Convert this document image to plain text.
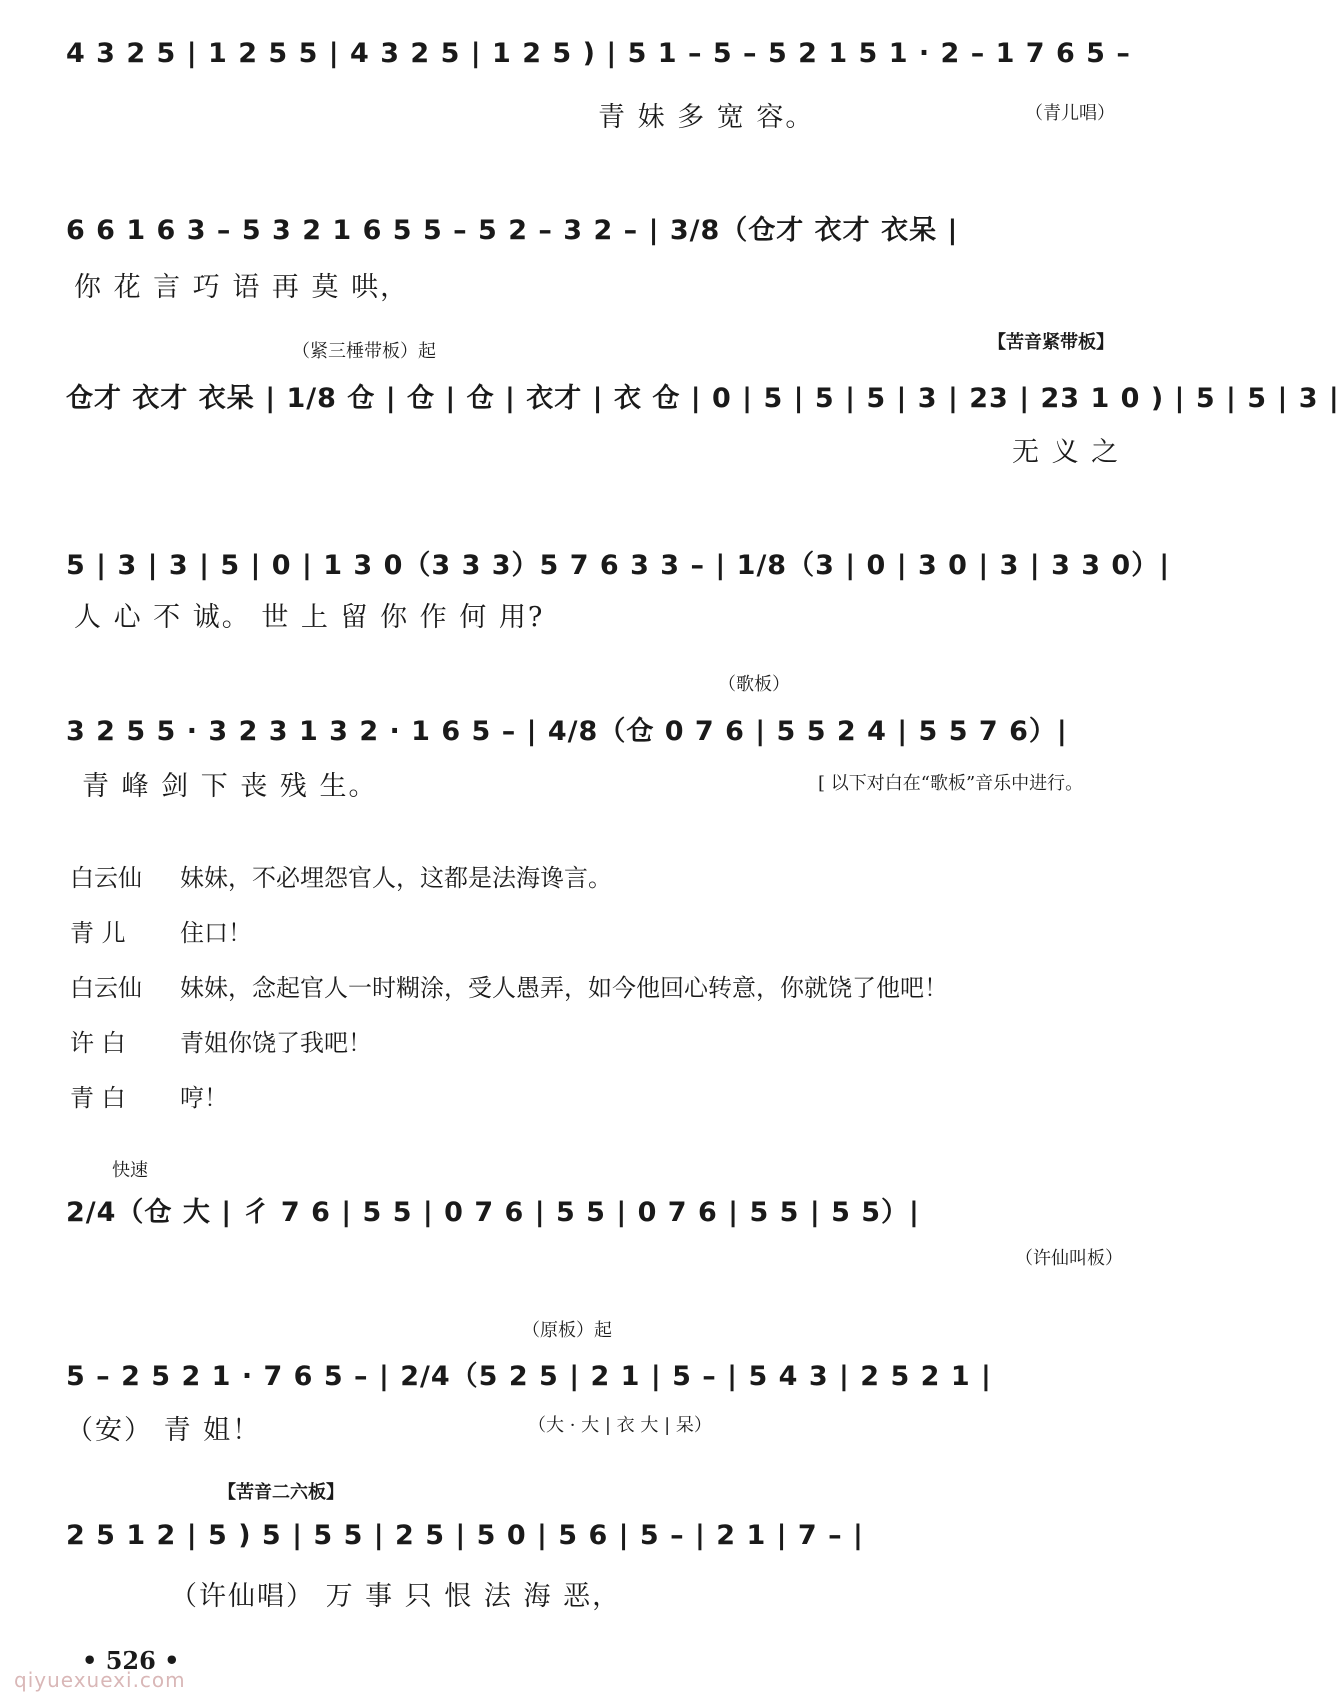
4 3 2 5 | 1 2 5 5 | 4 3 2 5 | 1 2 5 ) | 5 1 – 5 – 5 2 1 5 1 · 2 – 1 7 6 5 –
青 妹 多 宽 容。	（青儿唱）
6 6 1 6 3 – 5 3 2 1 6 5 5 – 5 2 – 3 2 – | 3/8（仓才 衣才 衣呆 |
你 花 言 巧 语 再 莫 哄，
（紧三棰带板）起	【苦音紧带板】
仓才 衣才 衣呆 | 1/8 仓 | 仓 | 仓 | 衣才 | 衣 仓 | 0 | 5 | 5 | 5 | 3 | 23 | 23 1 0 ) | 5 | 5 | 3 |
无 义 之
5 | 3 | 3 | 5 | 0 | 1 3 0（3 3 3）5 7 6 3 3 – | 1/8（3 | 0 | 3 0 | 3 | 3 3 0）|
人 心 不 诚。 世 上 留 你 作 何 用?
（歌板）
3 2 5 5 · 3 2 3 1 3 2 · 1 6 5 – | 4/8（仓 0 7 6 | 5 5 2 4 | 5 5 7 6）|
青 峰 剑 下 丧 残 生。	[ 以下对白在“歌板”音乐中进行。
白云仙 妹妹，不必埋怨官人，这都是法海谗言。
青 儿 住口！
白云仙 妹妹，念起官人一时糊涂，受人愚弄，如今他回心转意，你就饶了他吧！
许 白 青姐你饶了我吧！
青 白 哼！
快速
2/4（仓 大 | 彳 7 6 | 5 5 | 0 7 6 | 5 5 | 0 7 6 | 5 5 | 5 5）|
（许仙叫板）
（原板）起
5 – 2 5 2 1 · 7 6 5 – | 2/4（5 2 5 | 2 1 | 5 – | 5 4 3 | 2 5 2 1 |
（安） 青 姐！	（大 · 大 | 衣 大 | 呆）
【苦音二六板】
2 5 1 2 | 5 ) 5 | 5 5 | 2 5 | 5 0 | 5 6 | 5 – | 2 1 | 7 – |
（许仙唱） 万 事 只 恨 法 海 恶，
• 526 •
qiyuexuexi.com
